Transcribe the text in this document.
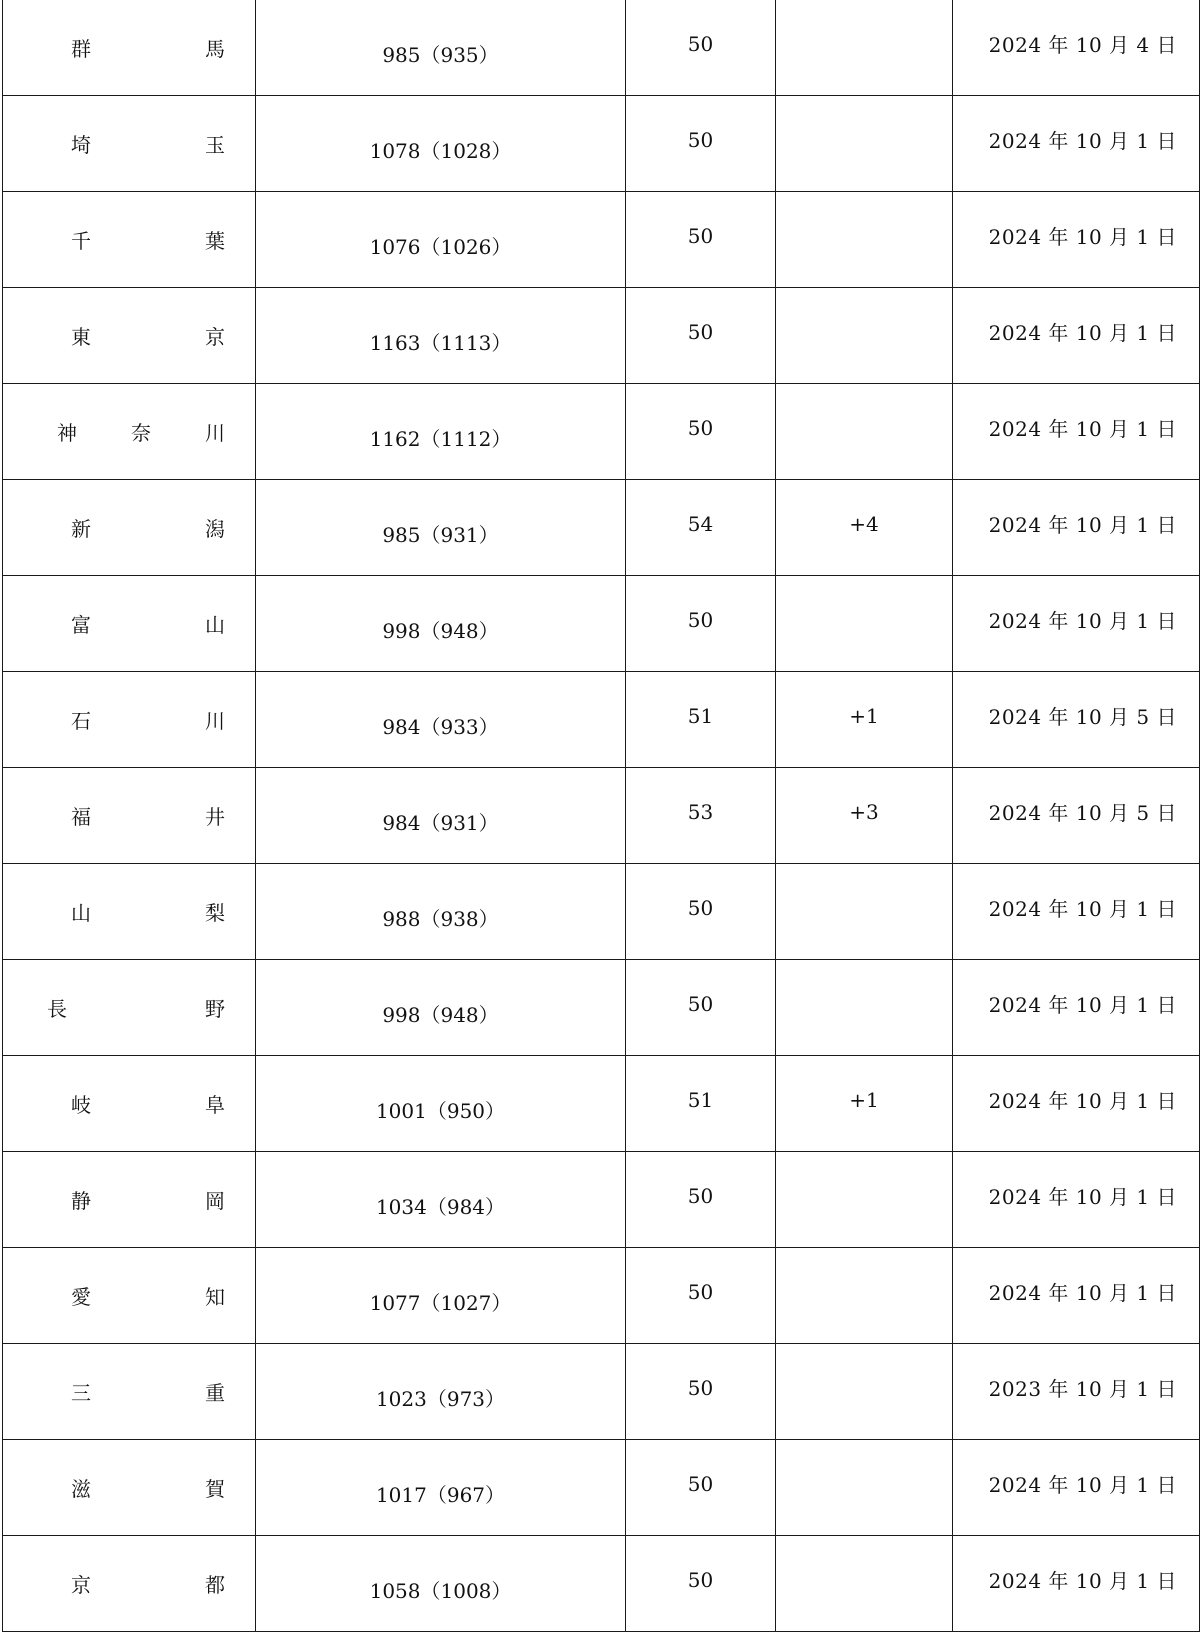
群 馬	985（935）	50		2024 年 10 月 4 日

埼 玉	1078（1028）	50		2024 年 10 月 1 日

千 葉	1076（1026）	50		2024 年 10 月 1 日

東 京	1163（1113）	50		2024 年 10 月 1 日

神 奈 川	1162（1112）	50		2024 年 10 月 1 日

新 潟	985（931）	54	+4	2024 年 10 月 1 日

富 山	998（948）	50		2024 年 10 月 1 日

石 川	984（933）	51	+1	2024 年 10 月 5 日

福 井	984（931）	53	+3	2024 年 10 月 5 日

山 梨	988（938）	50		2024 年 10 月 1 日

長 野	998（948）	50		2024 年 10 月 1 日

岐 阜	1001（950）	51	+1	2024 年 10 月 1 日

静 岡	1034（984）	50		2024 年 10 月 1 日

愛 知	1077（1027）	50		2024 年 10 月 1 日

三 重	1023（973）	50		2023 年 10 月 1 日

滋 賀	1017（967）	50		2024 年 10 月 1 日

京 都	1058（1008）	50		2024 年 10 月 1 日
